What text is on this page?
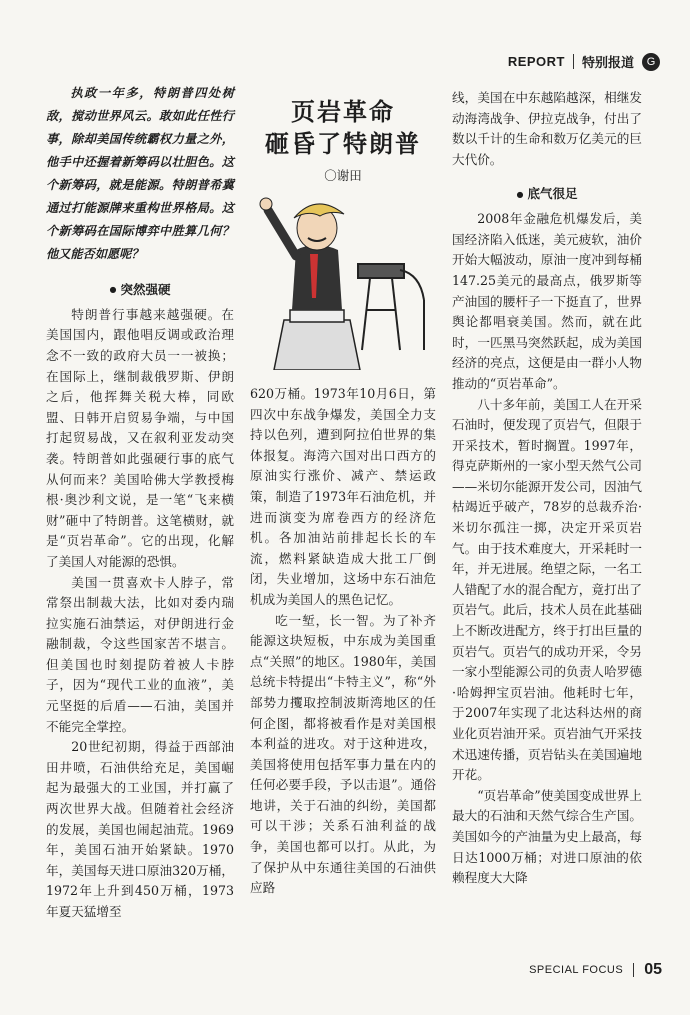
REPORT 特别报道	G

执政一年多，特朗普四处树敌，搅动世界风云。敢如此任性行事，除却美国传统霸权力量之外，他手中还握着新筹码以壮胆色。这个新筹码，就是能源。特朗普希冀通过打能源牌来重构世界格局。这个新筹码在国际博弈中胜算几何？他又能否如愿呢？

● 突然强硬

特朗普行事越来越强硬。在美国国内，跟他唱反调或政治理念不一致的政府大员一一被换；在国际上，继制裁俄罗斯、伊朗之后，他挥舞关税大棒，同欧盟、日韩开启贸易争端，与中国打起贸易战，又在叙利亚发动突袭。特朗普如此强硬行事的底气从何而来？美国哈佛大学教授梅根·奥沙利文说，是一笔“飞来横财”砸中了特朗普。这笔横财，就是“页岩革命”。它的出现，化解了美国人对能源的恐惧。

美国一贯喜欢卡人脖子，常常祭出制裁大法，比如对委内瑞拉实施石油禁运，对伊朗进行金融制裁，令这些国家苦不堪言。但美国也时刻提防着被人卡脖子，因为“现代工业的血液”，美元坚挺的后盾——石油，美国并不能完全掌控。

20世纪初期，得益于西部油田井喷，石油供给充足，美国崛起为最强大的工业国，并打赢了两次世界大战。但随着社会经济的发展，美国也闹起油荒。1969年，美国石油开始紧缺。1970年，美国每天进口原油320万桶，1972年上升到450万桶，1973年夏天猛增至

页岩革命
砸昏了特朗普
〇谢田

620万桶。1973年10月6日，第四次中东战争爆发，美国全力支持以色列，遭到阿拉伯世界的集体报复。海湾六国对出口西方的原油实行涨价、减产、禁运政策，制造了1973年石油危机，并进而演变为席卷西方的经济危机。各加油站前排起长长的车流，燃料紧缺造成大批工厂倒闭，失业增加，这场中东石油危机成为美国人的黑色记忆。

吃一堑，长一智。为了补齐能源这块短板，中东成为美国重点“关照”的地区。1980年，美国总统卡特提出“卡特主义”，称“外部势力攫取控制波斯湾地区的任何企图，都将被看作是对美国根本利益的进攻。对于这种进攻，美国将使用包括军事力量在内的任何必要手段，予以击退”。通俗地讲，关于石油的纠纷，美国都可以干涉；关系石油利益的战争，美国也都可以打。从此，为了保护从中东通往美国的石油供应路

线，美国在中东越陷越深，相继发动海湾战争、伊拉克战争，付出了数以千计的生命和数万亿美元的巨大代价。

● 底气很足

2008年金融危机爆发后，美国经济陷入低迷，美元疲软，油价开始大幅波动，原油一度冲到每桶147.25美元的最高点，俄罗斯等产油国的腰杆子一下挺直了，世界舆论都唱衰美国。然而，就在此时，一匹黑马突然跃起，成为美国经济的亮点，这便是由一群小人物推动的“页岩革命”。

八十多年前，美国工人在开采石油时，便发现了页岩气，但限于开采技术，暂时搁置。1997年，得克萨斯州的一家小型天然气公司——米切尔能源开发公司，因油气枯竭近乎破产，78岁的总裁乔治·米切尔孤注一掷，决定开采页岩气。由于技术难度大，开采耗时一年，并无进展。绝望之际，一名工人错配了水的混合配方，竟打出了页岩气。此后，技术人员在此基础上不断改进配方，终于打出巨量的页岩气。页岩气的成功开采，令另一家小型能源公司的负责人哈罗德·哈姆押宝页岩油。他耗时七年，于2007年实现了北达科达州的商业化页岩油开采。页岩油气开采技术迅速传播，页岩钻头在美国遍地开花。

“页岩革命”使美国变成世界上最大的石油和天然气综合生产国。美国如今的产油量为史上最高，每日达1000万桶；对进口原油的依赖程度大大降

SPECIAL FOCUS 05
